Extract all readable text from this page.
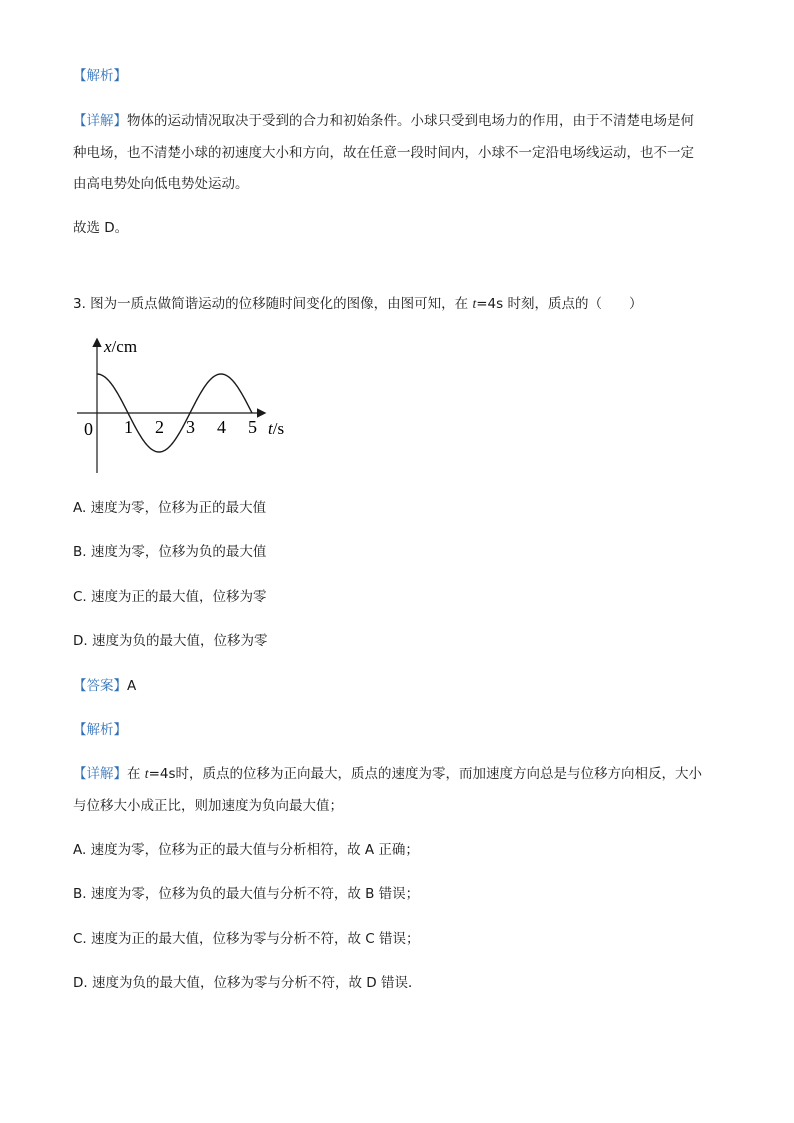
【解析】
【详解】物体的运动情况取决于受到的合力和初始条件。小球只受到电场力的作用，由于不清楚电场是何
种电场，也不清楚小球的初速度大小和方向，故在任意一段时间内，小球不一定沿电场线运动，也不一定
由高电势处向低电势处运动。
故选 D。
3. 图为一质点做简谐运动的位移随时间变化的图像，由图可知，在 t=4s 时刻，质点的（　　）
x/cm
0 1 2 3 4 5 t/s
A. 速度为零，位移为正的最大值
B. 速度为零，位移为负的最大值
C. 速度为正的最大值，位移为零
D. 速度为负的最大值，位移为零
【答案】A
【解析】
【详解】在 t=4s时，质点的位移为正向最大，质点的速度为零，而加速度方向总是与位移方向相反，大小
与位移大小成正比，则加速度为负向最大值；
A. 速度为零，位移为正的最大值与分析相符，故 A 正确；
B. 速度为零，位移为负的最大值与分析不符，故 B 错误；
C. 速度为正的最大值，位移为零与分析不符，故 C 错误；
D. 速度为负的最大值，位移为零与分析不符，故 D 错误．
